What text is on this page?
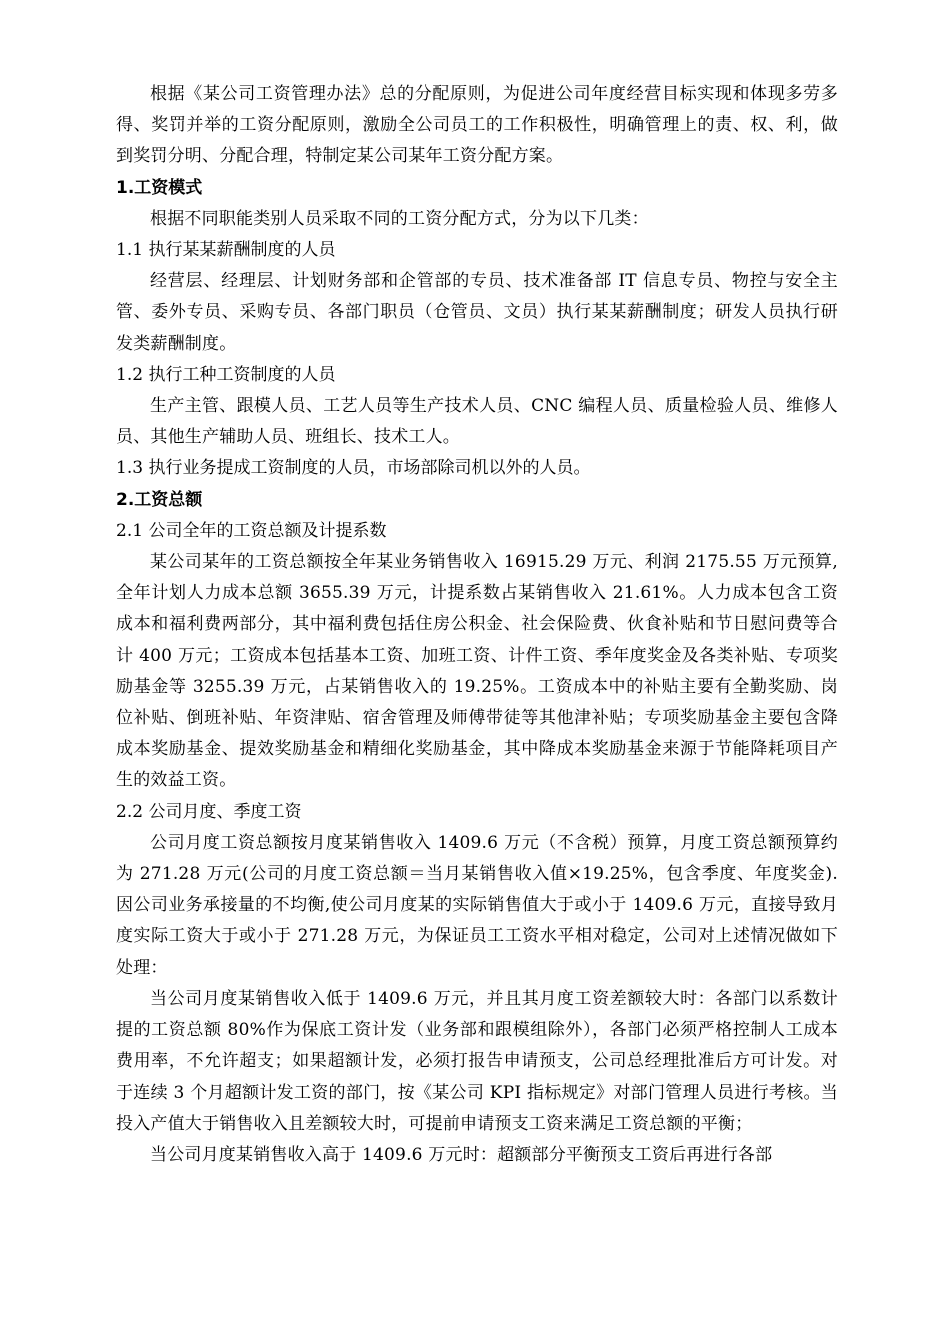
根据《某公司工资管理办法》总的分配原则，为促进公司年度经营目标实现和体现多劳多得、奖罚并举的工资分配原则，激励全公司员工的工作积极性，明确管理上的责、权、利，做到奖罚分明、分配合理，特制定某公司某年工资分配方案。

1.工资模式

根据不同职能类别人员采取不同的工资分配方式，分为以下几类：

1.1 执行某某薪酬制度的人员

经营层、经理层、计划财务部和企管部的专员、技术准备部 IT 信息专员、物控与安全主管、委外专员、采购专员、各部门职员（仓管员、文员）执行某某薪酬制度；研发人员执行研发类薪酬制度。

1.2 执行工种工资制度的人员

生产主管、跟模人员、工艺人员等生产技术人员、CNC 编程人员、质量检验人员、维修人员、其他生产辅助人员、班组长、技术工人。

1.3 执行业务提成工资制度的人员，市场部除司机以外的人员。

2.工资总额

2.1 公司全年的工资总额及计提系数

某公司某年的工资总额按全年某业务销售收入 16915.29 万元、利润 2175.55 万元预算,全年计划人力成本总额 3655.39 万元，计提系数占某销售收入 21.61%。人力成本包含工资成本和福利费两部分，其中福利费包括住房公积金、社会保险费、伙食补贴和节日慰问费等合计 400 万元；工资成本包括基本工资、加班工资、计件工资、季年度奖金及各类补贴、专项奖励基金等 3255.39 万元，占某销售收入的 19.25%。工资成本中的补贴主要有全勤奖励、岗位补贴、倒班补贴、年资津贴、宿舍管理及师傅带徒等其他津补贴；专项奖励基金主要包含降成本奖励基金、提效奖励基金和精细化奖励基金，其中降成本奖励基金来源于节能降耗项目产生的效益工资。

2.2 公司月度、季度工资

公司月度工资总额按月度某销售收入 1409.6 万元（不含税）预算，月度工资总额预算约为 271.28 万元(公司的月度工资总额＝当月某销售收入值×19.25%，包含季度、年度奖金).因公司业务承接量的不均衡,使公司月度某的实际销售值大于或小于 1409.6 万元，直接导致月度实际工资大于或小于 271.28 万元，为保证员工工资水平相对稳定，公司对上述情况做如下处理：

当公司月度某销售收入低于 1409.6 万元，并且其月度工资差额较大时：各部门以系数计提的工资总额 80%作为保底工资计发（业务部和跟模组除外），各部门必须严格控制人工成本费用率，不允许超支；如果超额计发，必须打报告申请预支，公司总经理批准后方可计发。对于连续 3 个月超额计发工资的部门，按《某公司 KPI 指标规定》对部门管理人员进行考核。当投入产值大于销售收入且差额较大时，可提前申请预支工资来满足工资总额的平衡；

当公司月度某销售收入高于 1409.6 万元时：超额部分平衡预支工资后再进行各部
